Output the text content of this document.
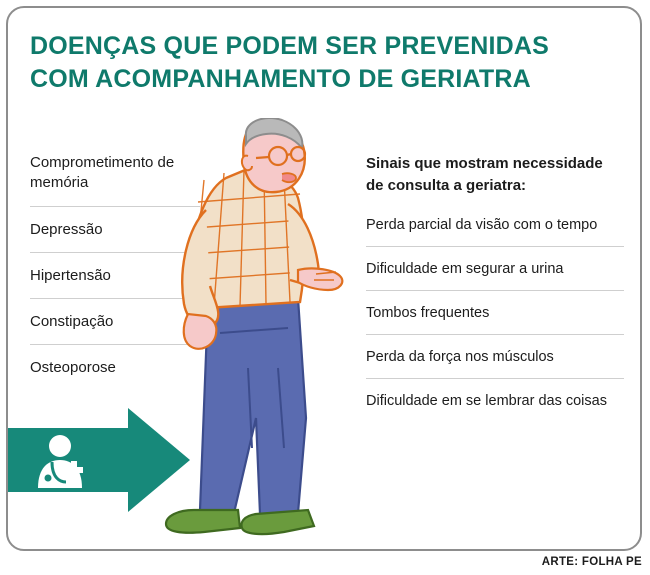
DOENÇAS QUE PODEM SER PREVENIDAS
COM ACOMPANHAMENTO DE GERIATRA
Comprometimento de memória
Depressão
Hipertensão
Constipação
Osteoporose
Sinais que mostram necessidade de consulta a geriatra:
Perda parcial da visão com o tempo
Dificuldade em segurar a urina
Tombos frequentes
Perda da força nos músculos
Dificuldade em se lembrar das coisas
ARTE: FOLHA PE
